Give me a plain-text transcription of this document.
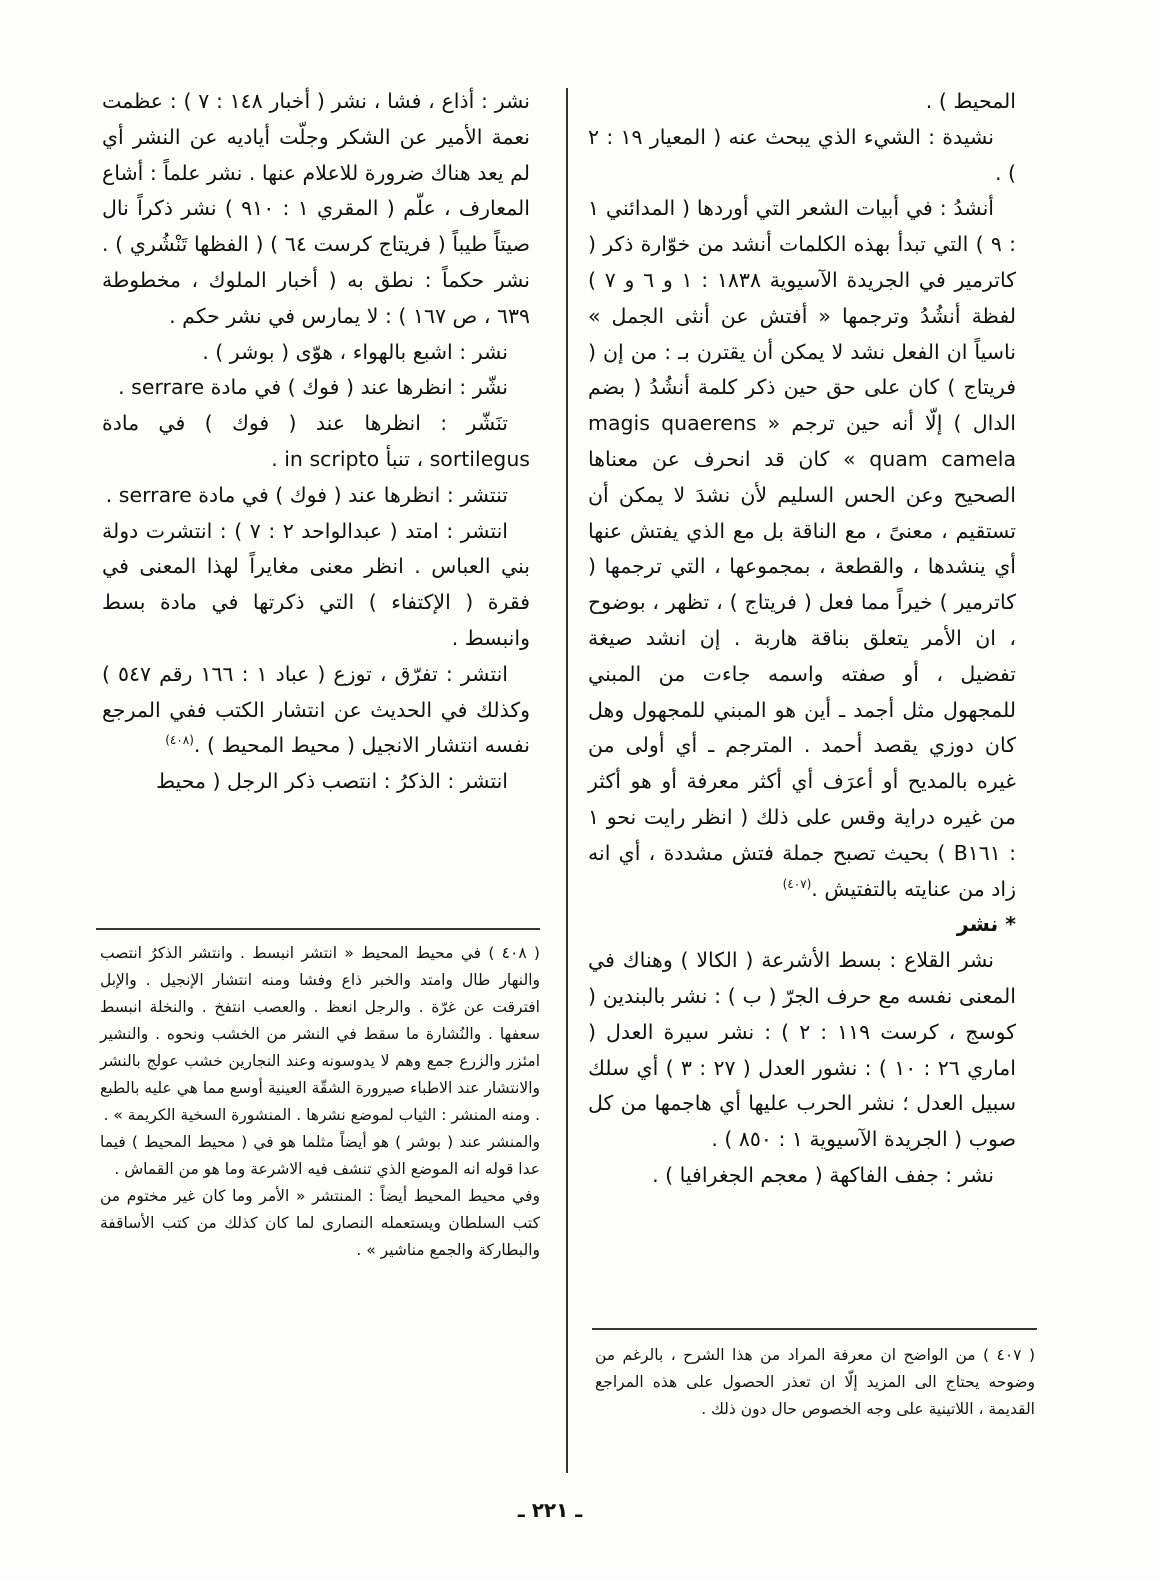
المحيط ) .

نشيدة : الشيء الذي يبحث عنه ( المعيار ١٩ : ٢ ) .

أنشدُ : في أبيات الشعر التي أوردها ( المدائني ١ : ٩ ) التي تبدأ بهذه الكلمات أنشد من خوّارة ذكر ( كاترمير في الجريدة الآسيوية ١٨٣٨ : ١ و ٦ و ٧ ) لفظة أنشُدُ وترجمها « أفتش عن أنثى الجمل » ناسياً ان الفعل نشد لا يمكن أن يقترن بـ : من إن ( فريتاج ) كان على حق حين ذكر كلمة أنشُدُ ( بضم الدال ) إلّا أنه حين ترجم « magis quaerens quam camela » كان قد انحرف عن معناها الصحيح وعن الحس السليم لأن نشدَ لا يمكن أن تستقيم ، معنىً ، مع الناقة بل مع الذي يفتش عنها أي ينشدها ، والقطعة ، بمجموعها ، التي ترجمها ( كاترمير ) خيراً مما فعل ( فريتاج ) ، تظهر ، بوضوح ، ان الأمر يتعلق بناقة هاربة . إن انشد صيغة تفضيل ، أو صفته واسمه جاءت من المبني للمجهول مثل أجمد ـ أين هو المبني للمجهول وهل كان دوزي يقصد أحمد . المترجم ـ أي أولى من غيره بالمديح أو أعرَف أي أكثر معرفة أو هو أكثر من غيره دراية وقس على ذلك ( انظر رايت نحو ١ : B١٦١ ) بحيث تصبح جملة فتش مشددة ، أي انه زاد من عنايته بالتفتيش .$^{(٤٠٧)}$

* نشر

نشر القلاع : بسط الأشرعة ( الكالا ) وهناك في المعنى نفسه مع حرف الجرّ ( ب ) : نشر بالبندين ( كوسج ، كرست ١١٩ : ٢ ) : نشر سيرة العدل ( اماري ٢٦ : ١٠ ) : نشور العدل ( ٢٧ : ٣ ) أي سلك سبيل العدل ؛ نشر الحرب عليها أي هاجمها من كل صوب ( الجريدة الآسيوية ١ : ٨٥٠ ) .

نشر : جفف الفاكهة ( معجم الجغرافيا ) .

نشر : أذاع ، فشا ، نشر ( أخبار ١٤٨ : ٧ ) : عظمت نعمة الأمير عن الشكر وجلّت أياديه عن النشر أي لم يعد هناك ضرورة للاعلام عنها . نشر علماً : أشاع المعارف ، علّم ( المقري ١ : ٩١٠ ) نشر ذكراً نال صيتاً طيباً ( فريتاج كرست ٦٤ ) ( الفظها تَنْشُري ) . نشر حكماً : نطق به ( أخبار الملوك ، مخطوطة ٦٣٩ ، ص ١٦٧ ) : لا يمارس في نشر حكم .

نشر : اشبع بالهواء ، هوّى ( بوشر ) .

نشّر : انظرها عند ( فوك ) في مادة serrare .

تنَشّر : انظرها عند ( فوك ) في مادة sortilegus ، تنبأ in scripto .

تنتشر : انظرها عند ( فوك ) في مادة serrare .

انتشر : امتد ( عبدالواحد ٢ : ٧ ) : انتشرت دولة بني العباس . انظر معنى مغايراً لهذا المعنى في فقرة ( الإكتفاء ) التي ذكرتها في مادة بسط وانبسط .

انتشر : تفرّق ، توزع ( عباد ١ : ١٦٦ رقم ٥٤٧ ) وكذلك في الحديث عن انتشار الكتب ففي المرجع نفسه انتشار الانجيل ( محيط المحيط ) .$^{(٤٠٨)}$

انتشر : الذكرُ : انتصب ذكر الرجل ( محيط

( ٤٠٨ ) في محيط المحيط « انتشر انبسط . وانتشر الذكرُ انتصب والنهار طال وامتد والخبر ذاع وفشا ومنه انتشار الإنجيل . والإبل افترقت عن غرّة . والرجل انعظ . والعصب انتفخ . والنخلة انبسط سعفها . والنُشارة ما سقط في النشر من الخشب ونحوه . والنشير امئزر والزرع جمع وهم لا يدوسونه وعند النجارين خشب عولج بالنشر والانتشار عند الاطباء صيرورة الشقّة العينية أوسع مما هي عليه بالطبع . ومنه المنشر : الثياب لموضع نشرها . المنشورة السخية الكريمة » .

والمنشر عند ( بوشر ) هو أيضاً مثلما هو في ( محيط المحيط ) فيما عدا قوله انه الموضع الذي تنشف فيه الاشرعة وما هو من القماش .

وفي محيط المحيط أيضاً : المنتشر « الأمر وما كان غير مختوم من كتب السلطان ويستعمله النصارى لما كان كذلك من كتب الأساقفة والبطاركة والجمع مناشير » .

( ٤٠٧ ) من الواضح ان معرفة المراد من هذا الشرح ، بالرغم من وضوحه يحتاج الى المزيد إلّا ان تعذر الحصول على هذه المراجع القديمة ، اللاتينية على وجه الخصوص حال دون ذلك .

ـ ٢٢١ ـ
